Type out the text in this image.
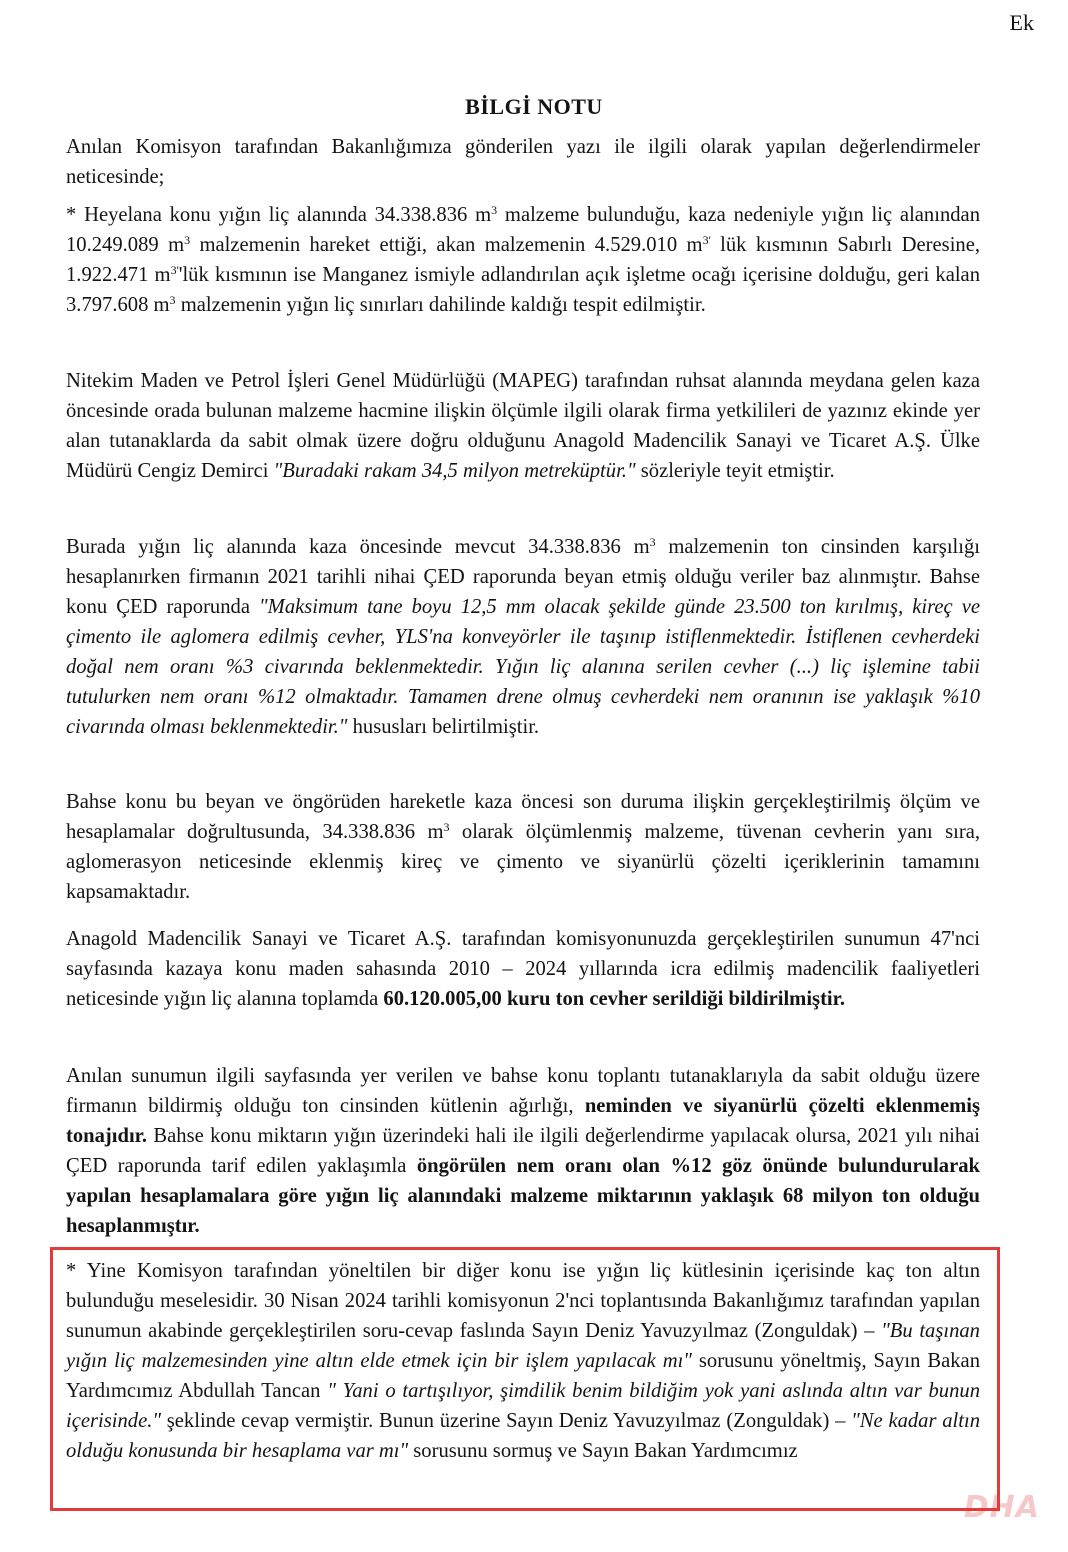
Ek
BİLGİ NOTU

Anılan Komisyon tarafından Bakanlığımıza gönderilen yazı ile ilgili olarak yapılan değerlendirmeler neticesinde;

* Heyelana konu yığın liç alanında 34.338.836 $m^3$ malzeme bulunduğu, kaza nedeniyle yığın liç alanından 10.249.089 $m^3$ malzemenin hareket ettiği, akan malzemenin 4.529.010 $m^{3'}$ lük kısmının Sabırlı Deresine, 1.922.471 $m^{3'}'lük$ kısmının ise Manganez ismiyle adlandırılan açık işletme ocağı içerisine dolduğu, geri kalan 3.797.608 $m^3$ malzemenin yığın liç sınırları dahilinde kaldığı tespit edilmiştir.

Nitekim Maden ve Petrol İşleri Genel Müdürlüğü (MAPEG) tarafından ruhsat alanında meydana gelen kaza öncesinde orada bulunan malzeme hacmine ilişkin ölçümle ilgili olarak firma yetkilileri de yazınız ekinde yer alan tutanaklarda da sabit olmak üzere doğru olduğunu Anagold Madencilik Sanayi ve Ticaret A.Ş. Ülke Müdürü Cengiz Demirci "Buradaki rakam 34,5 milyon metreküptür." sözleriyle teyit etmiştir.

Burada yığın liç alanında kaza öncesinde mevcut 34.338.836 $m^3$ malzemenin ton cinsinden karşılığı hesaplanırken firmanın 2021 tarihli nihai ÇED raporunda beyan etmiş olduğu veriler baz alınmıştır. Bahse konu ÇED raporunda "Maksimum tane boyu 12,5 mm olacak şekilde günde 23.500 ton kırılmış, kireç ve çimento ile aglomera edilmiş cevher, YLS'na konveyörler ile taşınıp istiflenmektedir. İstiflenen cevherdeki doğal nem oranı %3 civarında beklenmektedir. Yığın liç alanına serilen cevher (...) liç işlemine tabii tutulurken nem oranı %12 olmaktadır. Tamamen drene olmuş cevherdeki nem oranının ise yaklaşık %10 civarında olması beklenmektedir." hususları belirtilmiştir.

Bahse konu bu beyan ve öngörüden hareketle kaza öncesi son duruma ilişkin gerçekleştirilmiş ölçüm ve hesaplamalar doğrultusunda, 34.338.836 $m^3$ olarak ölçümlenmiş malzeme, tüvenan cevherin yanı sıra, aglomerasyon neticesinde eklenmiş kireç ve çimento ve siyanürlü çözelti içeriklerinin tamamını kapsamaktadır.

Anagold Madencilik Sanayi ve Ticaret A.Ş. tarafından komisyonunuzda gerçekleştirilen sunumun 47'nci sayfasında kazaya konu maden sahasında 2010 – 2024 yıllarında icra edilmiş madencilik faaliyetleri neticesinde yığın liç alanına toplamda 60.120.005,00 kuru ton cevher serildiği bildirilmiştir.

Anılan sunumun ilgili sayfasında yer verilen ve bahse konu toplantı tutanaklarıyla da sabit olduğu üzere firmanın bildirmiş olduğu ton cinsinden kütlenin ağırlığı, neminden ve siyanürlü çözelti eklenmemiş tonajıdır. Bahse konu miktarın yığın üzerindeki hali ile ilgili değerlendirme yapılacak olursa, 2021 yılı nihai ÇED raporunda tarif edilen yaklaşımla öngörülen nem oranı olan %12 göz önünde bulundurularak yapılan hesaplamalara göre yığın liç alanındaki malzeme miktarının yaklaşık 68 milyon ton olduğu hesaplanmıştır.

* Yine Komisyon tarafından yöneltilen bir diğer konu ise yığın liç kütlesinin içerisinde kaç ton altın bulunduğu meselesidir. 30 Nisan 2024 tarihli komisyonun 2'nci toplantısında Bakanlığımız tarafından yapılan sunumun akabinde gerçekleştirilen soru-cevap faslında Sayın Deniz Yavuzyılmaz (Zonguldak) – "Bu taşınan yığın liç malzemesinden yine altın elde etmek için bir işlem yapılacak mı" sorusunu yöneltmiş, Sayın Bakan Yardımcımız Abdullah Tancan " Yani o tartışılıyor, şimdilik benim bildiğim yok yani aslında altın var bunun içerisinde." şeklinde cevap vermiştir. Bunun üzerine Sayın Deniz Yavuzyılmaz (Zonguldak) – "Ne kadar altın olduğu konusunda bir hesaplama var mı" sorusunu sormuş ve Sayın Bakan Yardımcımız

DHA
